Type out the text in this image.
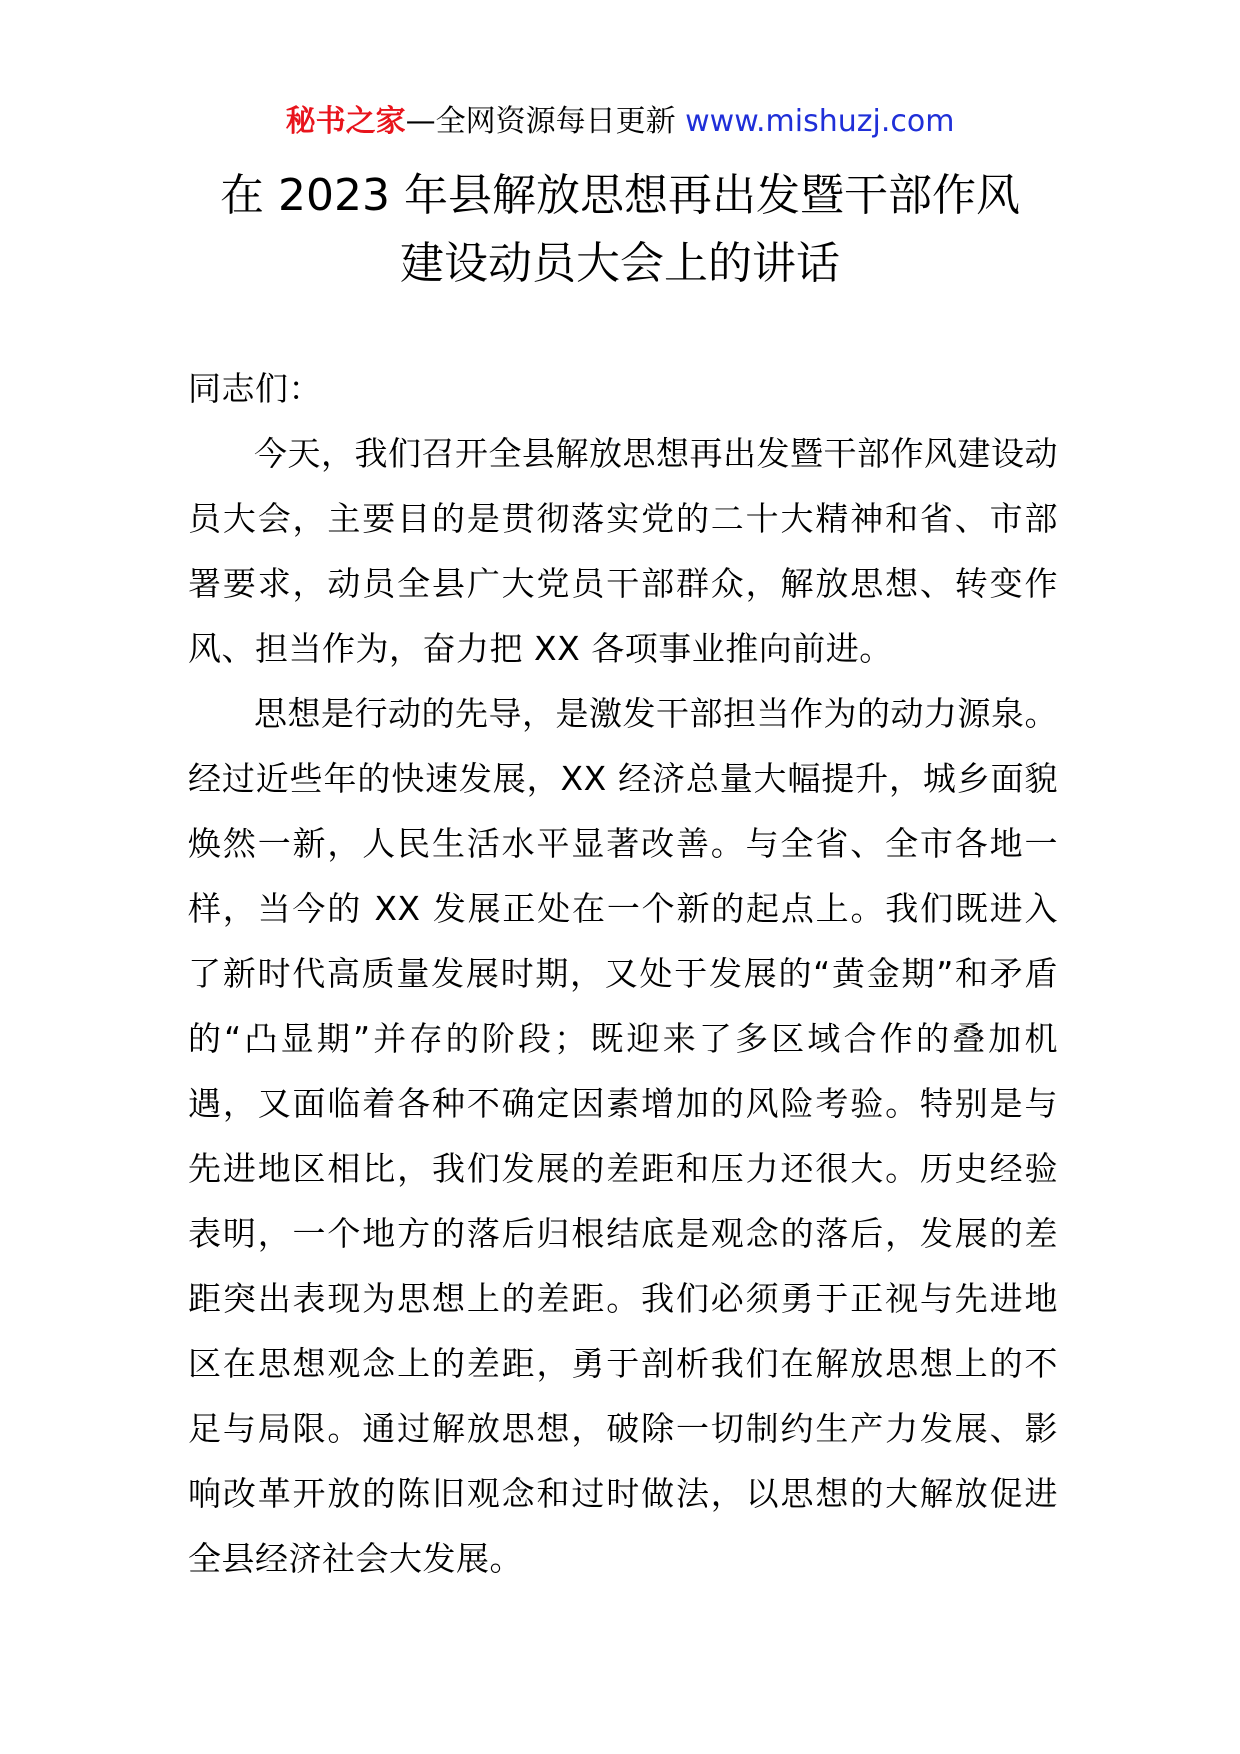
秘书之家—全网资源每日更新 www.mishuzj.com
在 2023 年县解放思想再出发暨干部作风
建设动员大会上的讲话

同志们：

今天，我们召开全县解放思想再出发暨干部作风建设动员大会，主要目的是贯彻落实党的二十大精神和省、市部署要求，动员全县广大党员干部群众，解放思想、转变作风、担当作为，奋力把 XX 各项事业推向前进。

思想是行动的先导，是激发干部担当作为的动力源泉。经过近些年的快速发展，XX 经济总量大幅提升，城乡面貌焕然一新，人民生活水平显著改善。与全省、全市各地一样，当今的 XX 发展正处在一个新的起点上。我们既进入了新时代高质量发展时期，又处于发展的“黄金期”和矛盾的“凸显期”并存的阶段；既迎来了多区域合作的叠加机遇，又面临着各种不确定因素增加的风险考验。特别是与先进地区相比，我们发展的差距和压力还很大。历史经验表明，一个地方的落后归根结底是观念的落后，发展的差距突出表现为思想上的差距。我们必须勇于正视与先进地区在思想观念上的差距，勇于剖析我们在解放思想上的不足与局限。通过解放思想，破除一切制约生产力发展、影响改革开放的陈旧观念和过时做法，以思想的大解放促进全县经济社会大发展。
